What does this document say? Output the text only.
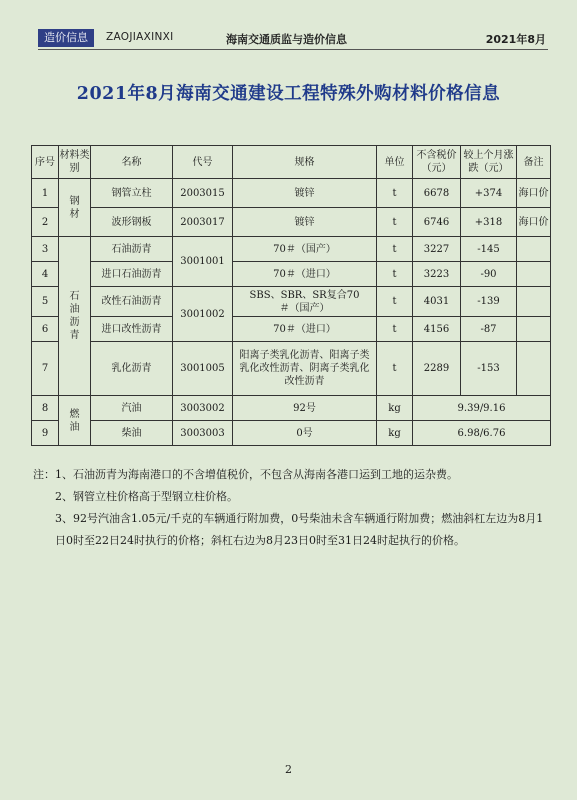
造价信息	ZAOJIAXINXI	海南交通质监与造价信息	2021年8月
2021年8月海南交通建设工程特殊外购材料价格信息
序号	材料类别	名称	代号	规格	单位	不含税价（元）	较上个月涨跌（元）	备注
1	钢材	钢管立柱	2003015	镀锌	t	6678	+374	海口价
2		波形钢板	2003017	镀锌	t	6746	+318	海口价
3	石油沥青	石油沥青	3001001	70＃（国产）	t	3227	-145	
4		进口石油沥青		70＃（进口）	t	3223	-90	
5		改性石油沥青	3001002	SBS、SBR、SR复合70＃（国产）	t	4031	-139	
6		进口改性沥青		70＃（进口）	t	4156	-87	
7		乳化沥青	3001005	阳离子类乳化沥青、阳离子类乳化改性沥青、阴离子类乳化改性沥青	t	2289	-153	
8	燃油	汽油	3003002	92号	kg	9.39/9.16		
9		柴油	3003003	0号	kg	6.98/6.76		

注：1、石油沥青为海南港口的不含增值税价，不包含从海南各港口运到工地的运杂费。

2、钢管立柱价格高于型钢立柱价格。

3、92号汽油含1.05元/千克的车辆通行附加费，0号柴油未含车辆通行附加费；燃油斜杠左边为8月1日0时至22日24时执行的价格；斜杠右边为8月23日0时至31日24时起执行的价格。

2
